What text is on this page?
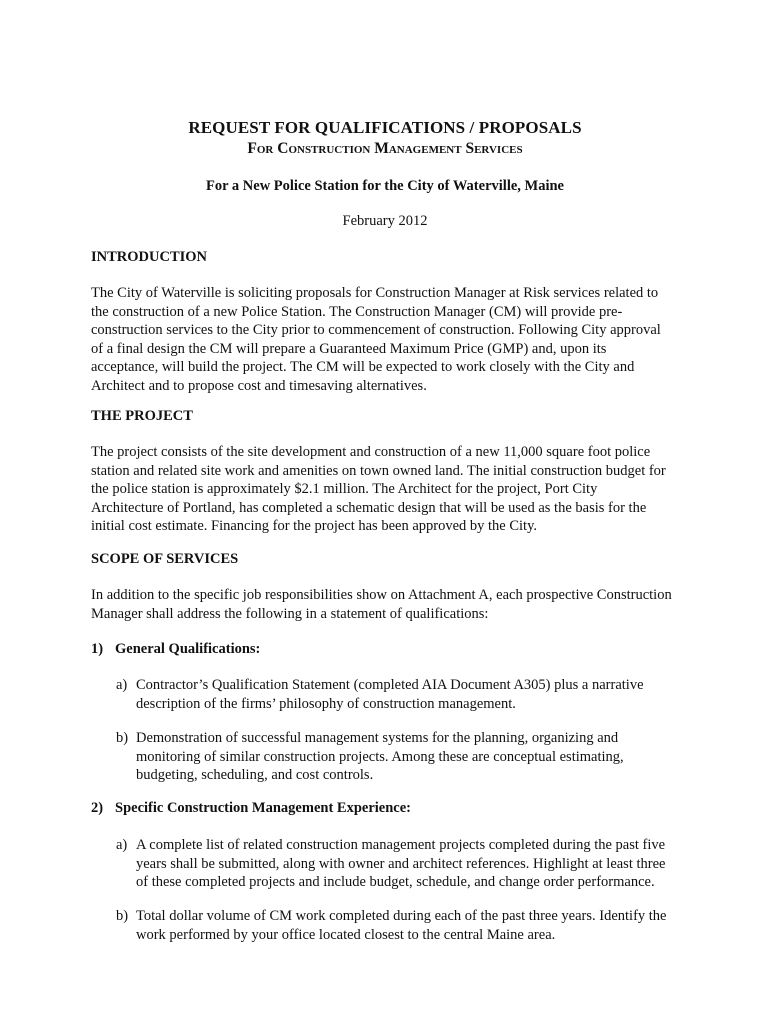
REQUEST FOR QUALIFICATIONS / PROPOSALS
For Construction Management Services

For a New Police Station for the City of Waterville, Maine

February 2012

INTRODUCTION
The City of Waterville is soliciting proposals for Construction Manager at Risk services related to
the construction of a new Police Station. The Construction Manager (CM) will provide pre-
construction services to the City prior to commencement of construction. Following City approval
of a final design the CM will prepare a Guaranteed Maximum Price (GMP) and, upon its
acceptance, will build the project. The CM will be expected to work closely with the City and
Architect and to propose cost and timesaving alternatives.
THE PROJECT
The project consists of the site development and construction of a new 11,000 square foot police
station and related site work and amenities on town owned land. The initial construction budget for
the police station is approximately $2.1 million. The Architect for the project, Port City
Architecture of Portland, has completed a schematic design that will be used as the basis for the
initial cost estimate. Financing for the project has been approved by the City.
SCOPE OF SERVICES
In addition to the specific job responsibilities show on Attachment A, each prospective Construction
Manager shall address the following in a statement of qualifications:
1) General Qualifications:
a) Contractor’s Qualification Statement (completed AIA Document A305) plus a narrative
description of the firms’ philosophy of construction management.
b) Demonstration of successful management systems for the planning, organizing and
monitoring of similar construction projects. Among these are conceptual estimating,
budgeting, scheduling, and cost controls.
2) Specific Construction Management Experience:
a) A complete list of related construction management projects completed during the past five
years shall be submitted, along with owner and architect references. Highlight at least three
of these completed projects and include budget, schedule, and change order performance.
b) Total dollar volume of CM work completed during each of the past three years. Identify the
work performed by your office located closest to the central Maine area.
